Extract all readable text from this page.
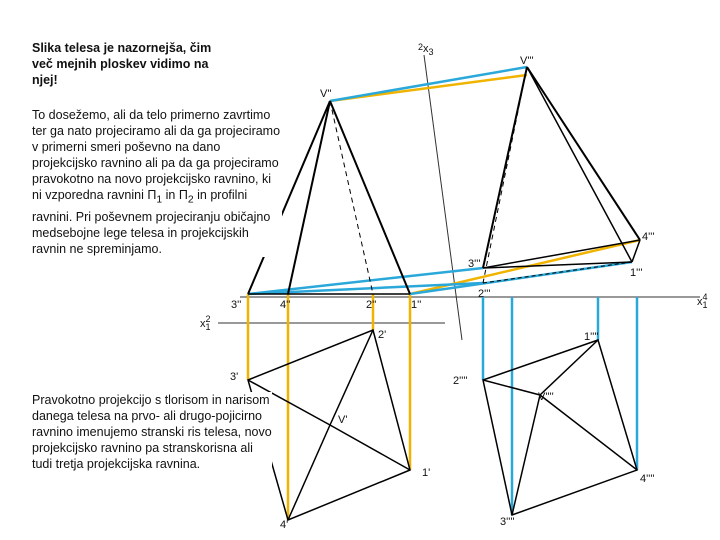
V''
V'''
V'
V''''
3''	4''	2''	1''
3'''
2'''
1'''
4'''
2'
3'
1'
4'
1''''
2''''
3''''
4''''
$x_12$
$x_14$
$2x_3$
Slika telesa je nazornejša, čim več mejnih ploskev vidimo na njej!
To dosežemo, ali da telo primerno zavrtimo ter ga nato projeciramo ali da ga projeciramo v primerni smeri poševno na dano projekcijsko ravnino ali pa da ga projeciramo pravokotno na novo projekcijsko ravnino, ki ni vzporedna ravnini $\Pi_1$ in $\Pi_2$ in profilni ravnini. Pri poševnem projeciranju običajno medsebojne lege telesa in projekcijskih ravnin ne spreminjamo.
Pravokotno projekcijo s tlorisom in narisom danega telesa na prvo- ali drugo-pojicirno ravnino imenujemo stranski ris telesa, novo projekcijsko ravnino pa stranskorisna ali tudi tretja projekcijska ravnina.
